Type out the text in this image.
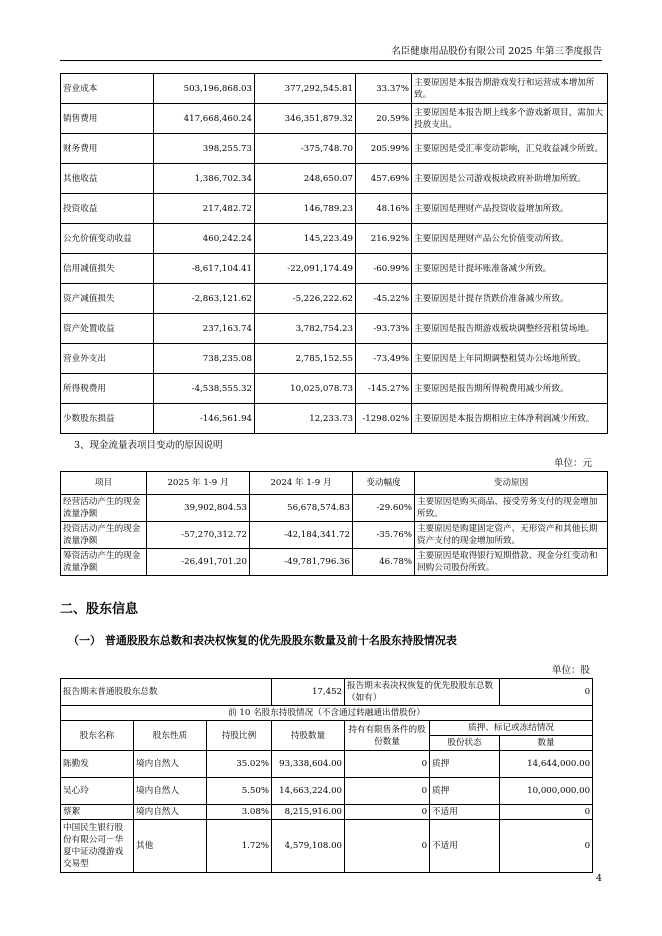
名臣健康用品股份有限公司 2025 年第三季度报告
营业成本	503,196,868.03	377,292,545.81	33.37%	主要原因是本报告期游戏发行和运营成本增加所致。
销售费用	417,668,460.24	346,351,879.32	20.59%	主要原因是本报告期上线多个游戏新项目，需加大投放支出。
财务费用	398,255.73	-375,748.70	205.99%	主要原因是受汇率变动影响，汇兑收益减少所致。
其他收益	1,386,702.34	248,650.07	457.69%	主要原因是公司游戏板块政府补助增加所致。
投资收益	217,482.72	146,789.23	48.16%	主要原因是理财产品投资收益增加所致。
公允价值变动收益	460,242.24	145,223.49	216.92%	主要原因是理财产品公允价值变动所致。
信用减值损失	-8,617,104.41	-22,091,174.49	-60.99%	主要原因是计提坏账准备减少所致。
资产减值损失	-2,863,121.62	-5,226,222.62	-45.22%	主要原因是计提存货跌价准备减少所致。
资产处置收益	237,163.74	3,782,754.23	-93.73%	主要原因是报告期游戏板块调整经营租赁场地。
营业外支出	738,235.08	2,785,152.55	-73.49%	主要原因是上年同期调整租赁办公场地所致。
所得税费用	-4,538,555.32	10,025,078.73	-145.27%	主要原因是报告期所得税费用减少所致。
少数股东损益	-146,561.94	12,233.73	-1298.02%	主要原因是本报告期相应主体净利润减少所致。
3、现金流量表项目变动的原因说明
单位：元
项目	2025 年 1-9 月	2024 年 1-9 月	变动幅度	变动原因
经营活动产生的现金流量净额	39,902,804.53	56,678,574.83	-29.60%	主要原因是购买商品、接受劳务支付的现金增加所致。
投资活动产生的现金流量净额	-57,270,312.72	-42,184,341.72	-35.76%	主要原因是购建固定资产、无形资产和其他长期资产支付的现金增加所致。
筹资活动产生的现金流量净额	-26,491,701.20	-49,781,796.36	46.78%	主要原因是取得银行短期借款、现金分红变动和回购公司股份所致。
二、股东信息
（一） 普通股股东总数和表决权恢复的优先股股东数量及前十名股东持股情况表
单位：股
报告期末普通股股东总数			17,452	报告期末表决权恢复的优先股股东总数（如有）		0
前 10 名股东持股情况（不含通过转融通出借股份）						
股东名称	股东性质	持股比例	持股数量	持有有限售条件的股份数量	质押、标记或冻结情况	
					股份状态	数量
陈勤发	境内自然人	35.02%	93,338,604.00	0	质押	14,644,000.00
吴心玲	境内自然人	5.50%	14,663,224.00	0	质押	10,000,000.00
蔡絮	境内自然人	3.08%	8,215,916.00	0	不适用	0
中国民生银行股份有限公司－华夏中证动漫游戏交易型	其他	1.72%	4,579,108.00	0	不适用	0
4
